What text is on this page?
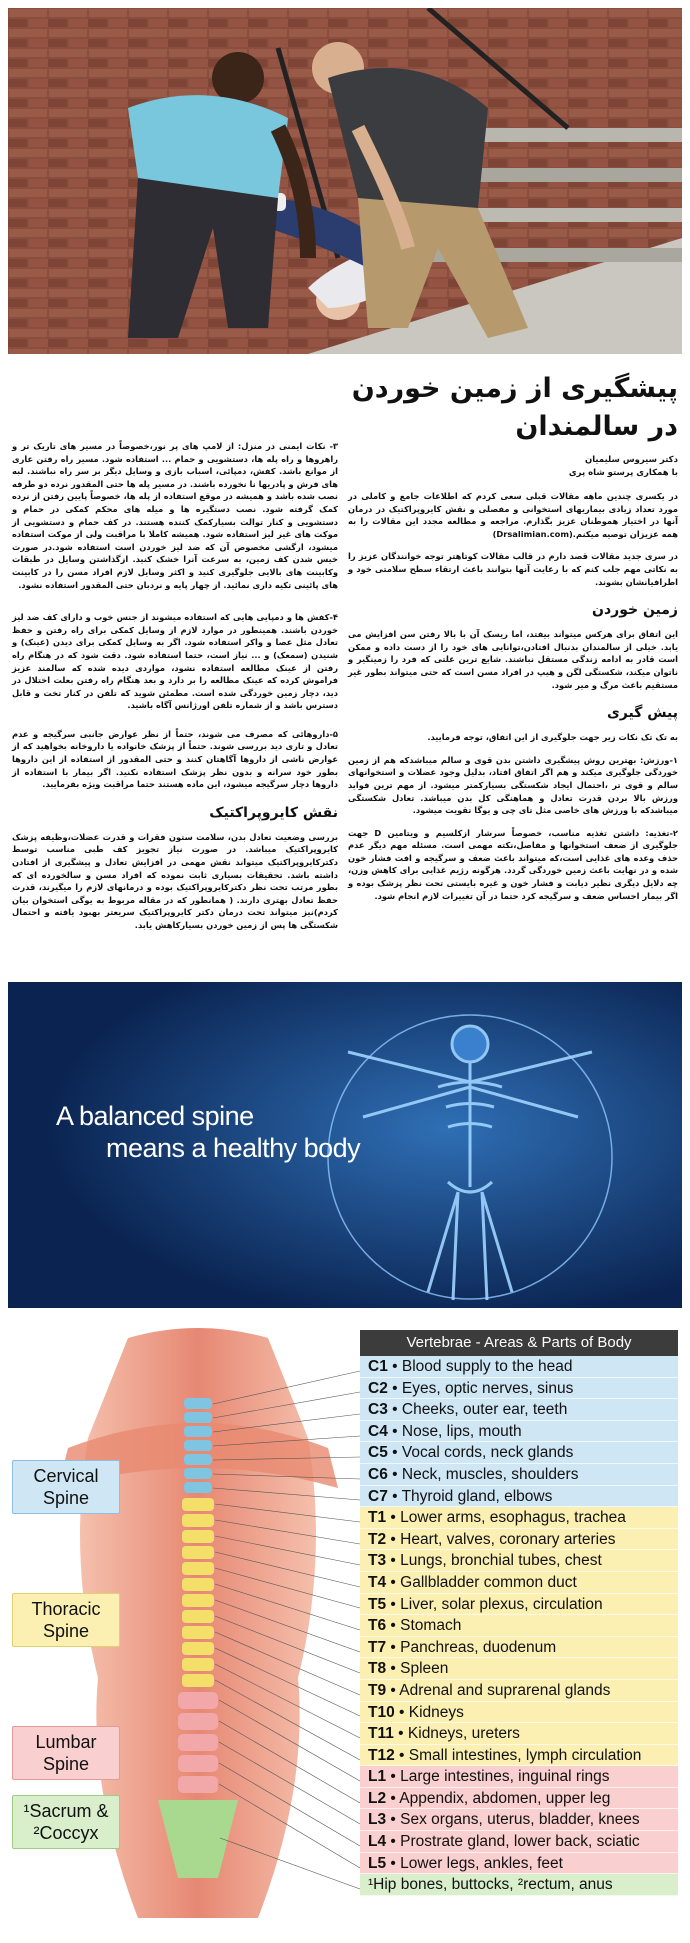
پیشگیری از زمین خوردن در سالمندان
دکتر سیروس سلیمیان
با همکاری پرستو شاه پری

در یکسری چندین ماهه مقالات قبلی سعی کردم که اطلاعات جامع و کاملی در مورد تعداد زیادی بیماریهای استخوانی و مفصلی و نقش کایروپراکتیک در درمان آنها در اختیار هموطنان عزیز بگذارم. مراجعه و مطالعه مجدد این مقالات را به همه عزیزان توصیه میکنم.(Drsalimian.com)

در سری جدید مقالات قصد دارم در قالب مقالات کوتاهتر توجه خوانندگان عزیز را به نکاتی مهم جلب کنم که با رعایت آنها بتوانند باعث ارتقاء سطح سلامتی خود و اطرافیانشان بشوند.

زمین خوردن

این اتفاق برای هرکس میتواند بیفتد، اما ریسک آن با بالا رفتن سن افزایش می یابد. خیلی از سالمندان بدنبال افتادن،توانایی های خود را از دست داده و ممکن است قادر به ادامه زندگی مستقل نباشند. شایع ترین علتی که فرد را زمینگیر و ناتوان میکند، شکستگی لگن و هیپ در افراد مسن است که حتی میتواند بطور غیر مستقیم باعث مرگ و میر شود.

پیش گیری

به تک تک نکات زیر جهت جلوگیری از این اتفاق، توجه فرمایید.

۱-ورزش: بهترین روش پیشگیری داشتن بدن قوی و سالم میباشدکه هم از زمین خوردگی جلوگیری میکند و هم اگر اتفاق افتاد، بدلیل وجود عضلات و استخوانهای سالم و قوی تر ،احتمال ایجاد شکستگی بسیارکمتر میشود. از مهم ترین فواید ورزش بالا بردن قدرت تعادل و هماهنگی کل بدن میباشد. تعادل شکستگی میباشدکه با ورزش های خاصی مثل تای چی و یوگا تقویت میشود.

۲-تغذیه: داشتن تغذیه مناسب، خصوصاً سرشار ازکلسیم و ویتامین D جهت جلوگیری از ضعف استخوانها و مفاصل،نکته مهمی است. مسئله مهم دیگر عدم حذف وعده های غذایی است،که میتواند باعث ضعف و سرگیجه و افت فشار خون شده و در نهایت باعث زمین خوردگی گردد. هرگونه رژیم غذایی برای کاهش وزن، چه دلایل دیگری نظیر دیابت و فشار خون و غیره بایستی تحت نظر پزشک بوده و اگر بیمار احساس ضعف و سرگیجه کرد حتما در آن تغییرات لازم انجام شود.

۳- نکات ایمنی در منزل: از لامپ های پر نور،خصوصاً در مسیر های تاریک تر و راهروها و راه پله ها، دستشویی و حمام ... استفاده شود. مسیر راه رفتن عاری از موانع باشد. کفش، دمپائی، اسباب بازی و وسایل دیگر بر سر راه نباشند. لبه های فرش و پادریها نا نخورده باشند. در مسیر پله ها حتی المقدور نرده دو طرفه نصب شده باشد و همیشه در موقع استفاده از پله ها، خصوصاً پایین رفتن از نرده کمک گرفته شود. نصب دستگیره ها و میله های محکم کمکی در حمام و دستشویی و کنار توالت بسیارکمک کننده هستند. در کف حمام و دستشویی از موکت های غیر لیز استفاده شود. همیشه کاملا با مراقبت ولی از موکت استفاده میشود، ارگشی مخصوص آن که ضد لیز خوردن است استفاده شود.در صورت خیس شدن کف زمین، به سرعت آنرا خشک کنید. ازگذاشتن وسایل در طبقات وکابینت های بالایی جلوگیری کنید و اکثر وسایل لازم افراد مسن را در کابینت های پائینی تکیه داری نمائید. از چهار پایه و نردبان حتی المقدور استفاده نشود.

۴-کفش ها و دمپایی هایی که استفاده میشوند از جنس خوب و دارای کف ضد لیز خوردن باشند. همینطور در موارد لازم از وسایل کمکی برای راه رفتن و حفظ تعادل مثل عصا و واکر استفاده شود. اگر به وسایل کمکی برای دیدن (عینک) و شنیدن (سمعک) و ... نیاز است، حتما استفاده شود. دقت شود که در هنگام راه رفتن از عینک مطالعه استفاده نشود، مواردی دیده شده که سالمند عزیز فراموش کرده که عینک مطالعه را بر دارد و بعد هنگام راه رفتن بعلت اختلال در دید، دچار زمین خوردگی شده است. مطمئن شوید که تلفن در کنار تخت و قابل دسترس باشد و از شماره تلفن اورژانس آگاه باشید.

۵-داروهائی که مصرف می شوند، حتماً از نظر عوارض جانبی سرگیجه و عدم تعادل و تاری دید بررسی شوند. حتماً از پزشک خانواده یا داروخانه بخواهید که از عوارض ناشی از داروها آگاهتان کنند و حتی المقدور از استفاده از این داروها بطور خود سرانه و بدون نظر پزشک استفاده نکنید. اگر بیمار با استفاده از داروها دچار سرگیجه میشود، این ماده هستند حتما مراقبت ویژه بفرمایید.

نقش کایروپراکتیک

بررسی وضعیت تعادل بدن، سلامت ستون فقرات و قدرت عضلات،وظیفه پزشک کایروپراکتیک میباشد. در صورت نیاز تجویز کف طبی مناسب توسط دکترکایروپراکتیک میتواند نقش مهمی در افزایش تعادل و پیشگیری از افتادن داشته باشد. تحقیقات بسیاری ثابت نموده که افراد مسن و سالخورده ای که بطور مرتب تحت نظر دکترکایروپراکتیک بوده و درمانهای لازم را میگیرند، قدرت حفظ تعادل بهتری دارند. ( همانطور که در مقاله مربوط به یوگی استخوان بیان کردم)نیز میتواند تحت درمان دکتر کایروپراکتیک سریعتر بهبود یافته و احتمال شکستگی ها پس از زمین خوردن بسیارکاهش یابد.

A balanced spine
means a healthy body
Cervical
Spine
Thoracic
Spine
Lumbar
Spine
¹Sacrum &
²Coccyx
Vertebrae - Areas & Parts of Body
C1 • Blood supply to the head
C2 • Eyes, optic nerves, sinus
C3 • Cheeks, outer ear, teeth
C4 • Nose, lips, mouth
C5 • Vocal cords, neck glands
C6 • Neck, muscles, shoulders
C7 • Thyroid gland, elbows
T1 • Lower arms, esophagus, trachea
T2 • Heart, valves, coronary arteries
T3 • Lungs, bronchial tubes, chest
T4 • Gallbladder common duct
T5 • Liver, solar plexus, circulation
T6 • Stomach
T7 • Panchreas, duodenum
T8 • Spleen
T9 • Adrenal and suprarenal glands
T10 • Kidneys
T11 • Kidneys, ureters
T12 • Small intestines, lymph circulation
L1 • Large intestines, inguinal rings
L2 • Appendix, abdomen, upper leg
L3 • Sex organs, uterus, bladder, knees
L4 • Prostrate gland, lower back, sciatic
L5 • Lower legs, ankles, feet
¹Hip bones, buttocks, ²rectum, anus
